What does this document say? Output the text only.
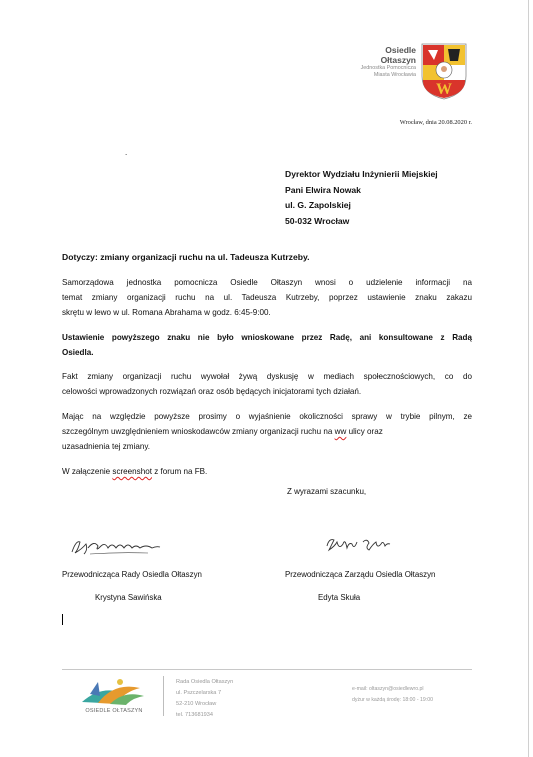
Osiedle
Ołtaszyn
Jednostka Pomocnicza
Miasta Wrocławia
W
Wrocław, dnia 20.08.2020 r.
.
Dyrektor Wydziału Inżynierii Miejskiej
Pani Elwira Nowak
ul. G. Zapolskiej
50-032 Wrocław
Dotyczy: zmiany organizacji ruchu na ul. Tadeusza Kutrzeby.
Samorządowa jednostka pomocnicza Osiedle Ołtaszyn wnosi o udzielenie informacji na
temat zmiany organizacji ruchu na ul. Tadeusza Kutrzeby, poprzez ustawienie znaku zakazu
skrętu w lewo w ul. Romana Abrahama w godz. 6:45-9:00.
Ustawienie powyższego znaku nie było wnioskowane przez Radę, ani konsultowane z Radą
Osiedla.
Fakt zmiany organizacji ruchu wywołał żywą dyskusję w mediach społecznościowych, co do
celowości wprowadzonych rozwiązań oraz osób będących inicjatorami tych działań.
Mając na względzie powyższe prosimy o wyjaśnienie okoliczności sprawy w trybie pilnym, ze
szczególnym uwzględnieniem wnioskodawców zmiany organizacji ruchu na ww ulicy oraz
uzasadnienia tej zmiany.
W załączenie screenshot z forum na FB.
Z wyrazami szacunku,
Przewodnicząca Rady Osiedla Ołtaszyn	Przewodnicząca Zarządu Osiedla Ołtaszyn
Krystyna Sawińska	Edyta Skuła
OSIEDLE OŁTASZYN
Rada Osiedla Ołtaszyn
ul. Pszczelarska 7
52-210 Wrocław
tel. 713681934
e-mail: oltaszyn@osiedlewro.pl
dyżur w każdą środę: 18:00 - 19:00
